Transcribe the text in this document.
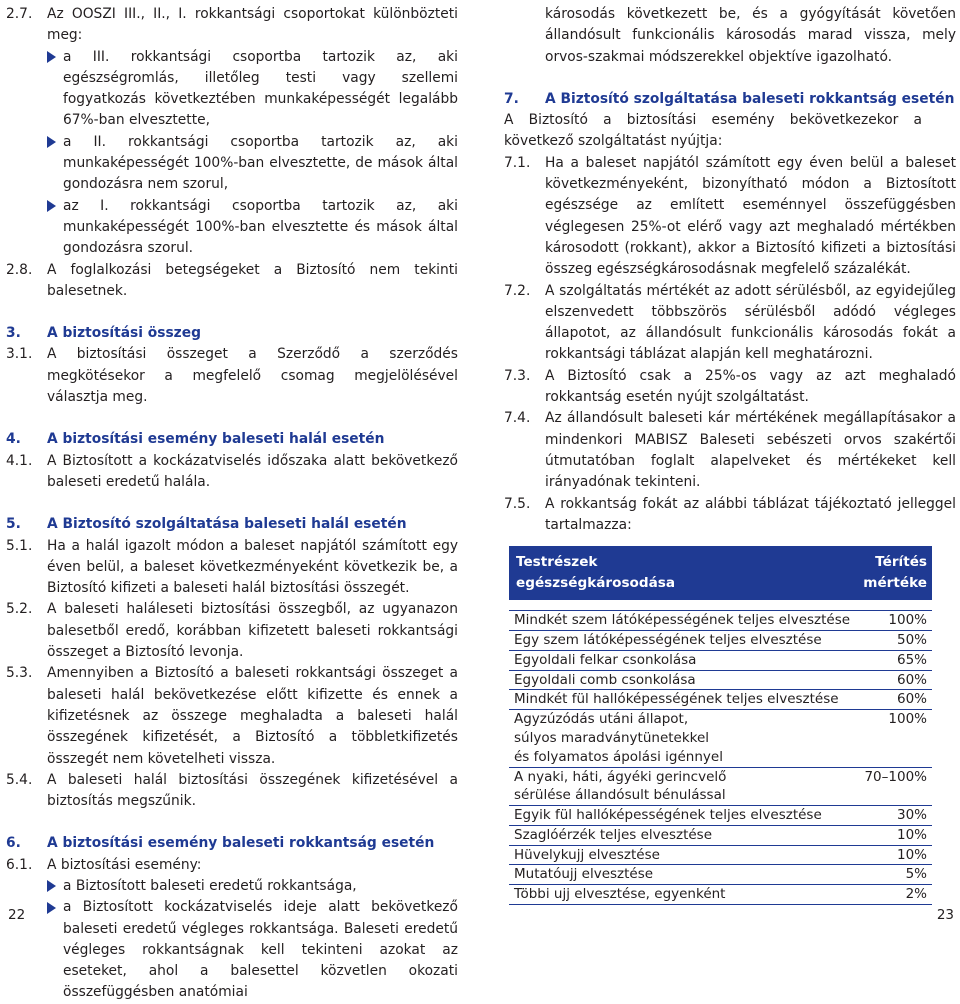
2.7.	Az OOSZI III., II., I. rokkantsági csoportokat különbözteti meg:
a III. rokkantsági csoportba tartozik az, aki egészségromlás, illetőleg testi vagy szellemi fogyatkozás következtében munkaképességét legalább 67%-ban elvesztette,
a II. rokkantsági csoportba tartozik az, aki munkaképességét 100%-ban elvesztette, de mások által gondozásra nem szorul,
az I. rokkantsági csoportba tartozik az, aki munkaképességét 100%-ban elvesztette és mások által gondozásra szorul.
2.8.	A foglalkozási betegségeket a Biztosító nem tekinti balesetnek.
3.	A biztosítási összeg
3.1.	A biztosítási összeget a Szerződő a szerződés megkötésekor a megfelelő csomag megjelölésével választja meg.
4.	A biztosítási esemény baleseti halál esetén
4.1.	A Biztosított a kockázatviselés időszaka alatt bekövetkező baleseti eredetű halála.
5.	A Biztosító szolgáltatása baleseti halál esetén
5.1.	Ha a halál igazolt módon a baleset napjától számított egy éven belül, a baleset következményeként következik be, a Biztosító kifizeti a baleseti halál biztosítási összegét.
5.2.	A baleseti haláleseti biztosítási összegből, az ugyanazon balesetből eredő, korábban kifizetett baleseti rokkantsági összeget a Biztosító levonja.
5.3.	Amennyiben a Biztosító a baleseti rokkantsági összeget a baleseti halál bekövetkezése előtt kifizette és ennek a kifizetésnek az összege meghaladta a baleseti halál összegének kifizetését, a Biztosító a többletkifizetés összegét nem követelheti vissza.
5.4.	A baleseti halál biztosítási összegének kifizetésével a biztosítás megszűnik.
6.	A biztosítási esemény baleseti rokkantság esetén
6.1.	A biztosítási esemény:
a Biztosított baleseti eredetű rokkantsága,
a Biztosított kockázatviselés ideje alatt bekövetkező baleseti eredetű végleges rokkantsága. Baleseti eredetű végleges rokkantságnak kell tekinteni azokat az eseteket, ahol a balesettel közvetlen okozati összefüggésben anatómiai
károsodás következett be, és a gyógyítását követően állandósult funkcionális károsodás marad vissza, mely orvos-szakmai módszerekkel objektíve igazolható.
7.	A Biztosító szolgáltatása baleseti rokkantság esetén
A Biztosító a biztosítási esemény bekövetkezekor a következő szolgáltatást nyújtja:
7.1.	Ha a baleset napjától számított egy éven belül a baleset következményeként, bizonyítható módon a Biztosított egészsége az említett eseménnyel összefüggésben véglegesen 25%-ot elérő vagy azt meghaladó mértékben károsodott (rokkant), akkor a Biztosító kifizeti a biztosítási összeg egészségkárosodásnak megfelelő százalékát.
7.2.	A szolgáltatás mértékét az adott sérülésből, az egyidejűleg elszenvedett többszörös sérülésből adódó végleges állapotot, az állandósult funkcionális károsodás fokát a rokkantsági táblázat alapján kell meghatározni.
7.3.	A Biztosító csak a 25%-os vagy az azt meghaladó rokkantság esetén nyújt szolgáltatást.
7.4.	Az állandósult baleseti kár mértékének megállapításakor a mindenkori MABISZ Baleseti sebészeti orvos szakértői útmutatóban foglalt alapelveket és mértékeket kell irányadónak tekinteni.
7.5.	A rokkantság fokát az alábbi táblázat tájékoztató jelleggel tartalmazza:
Testrészek
egészségkárosodása
Térítés
mértéke
Mindkét szem látóképességének teljes elvesztése	100%
Egy szem látóképességének teljes elvesztése	50%
Egyoldali felkar csonkolása	65%
Egyoldali comb csonkolása	60%
Mindkét fül hallóképességének teljes elvesztése	60%
Agyzúzódás utáni állapot,
súlyos maradványtünetekkel
és folyamatos ápolási igénnyel
100%
A nyaki, háti, ágyéki gerincvelő
sérülése állandósult bénulással
70–100%
Egyik fül hallóképességének teljes elvesztése	30%
Szaglóérzék teljes elvesztése	10%
Hüvelykujj elvesztése	10%
Mutatóujj elvesztése	5%
Többi ujj elvesztése, egyenként	2%
22	23
